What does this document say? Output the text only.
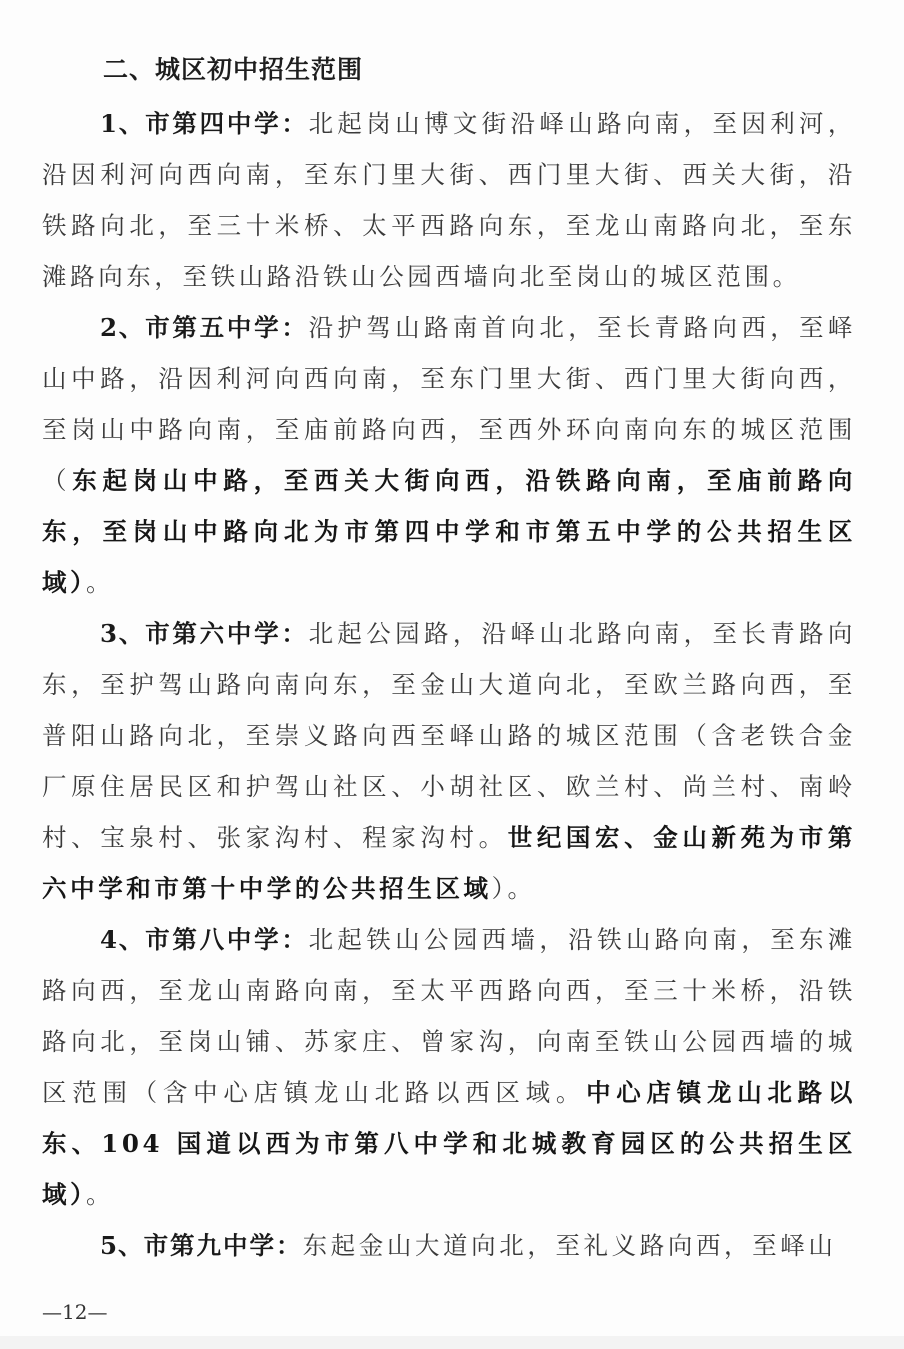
二、城区初中招生范围

1、市第四中学：北起岗山博文街沿峄山路向南，至因利河，沿因利河向西向南，至东门里大街、西门里大街、西关大街，沿铁路向北，至三十米桥、太平西路向东，至龙山南路向北，至东滩路向东，至铁山路沿铁山公园西墙向北至岗山的城区范围。

2、市第五中学：沿护驾山路南首向北，至长青路向西，至峄山中路，沿因利河向西向南，至东门里大街、西门里大街向西，至岗山中路向南，至庙前路向西，至西外环向南向东的城区范围（东起岗山中路，至西关大街向西，沿铁路向南，至庙前路向东，至岗山中路向北为市第四中学和市第五中学的公共招生区域）。

3、市第六中学：北起公园路，沿峄山北路向南，至长青路向东，至护驾山路向南向东，至金山大道向北，至欧兰路向西，至普阳山路向北，至崇义路向西至峄山路的城区范围（含老铁合金厂原住居民区和护驾山社区、小胡社区、欧兰村、尚兰村、南岭村、宝泉村、张家沟村、程家沟村。世纪国宏、金山新苑为市第六中学和市第十中学的公共招生区域）。

4、市第八中学：北起铁山公园西墙，沿铁山路向南，至东滩路向西，至龙山南路向南，至太平西路向西，至三十米桥，沿铁路向北，至岗山铺、苏家庄、曾家沟，向南至铁山公园西墙的城区范围（含中心店镇龙山北路以西区域。中心店镇龙山北路以东、104 国道以西为市第八中学和北城教育园区的公共招生区域）。

5、市第九中学：东起金山大道向北，至礼义路向西，至峄山

—12—
